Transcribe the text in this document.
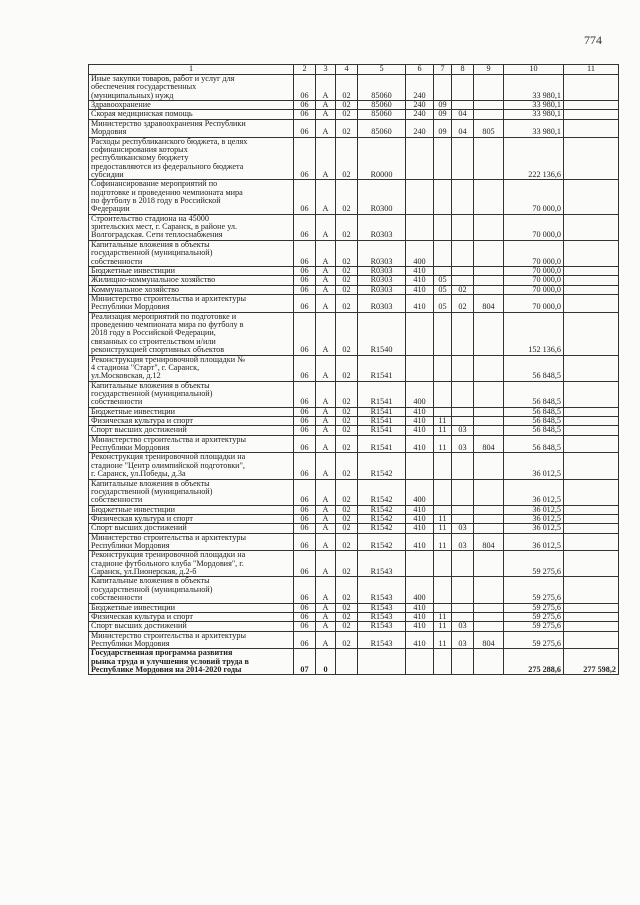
774
1	2	3	4	5	6	7	8	9	10	11

Иные закупки товаров, работ и услуг для
обеспечения государственных
(муниципальных) нужд	06	А	02	85060	240				33 980,1	

Здравоохранение	06	А	02	85060	240	09			33 980,1	

Скорая медицинская помощь	06	А	02	85060	240	09	04		33 980,1	

Министерство здравоохранения Республики
Мордовия	06	А	02	85060	240	09	04	805	33 980,1	

Расходы республиканского бюджета, в целях
софинансирования которых
республиканскому бюджету
предоставляются из федерального бюджета
субсидии	06	А	02	R0000					222 136,6	

Софинансирование мероприятий по
подготовке и проведению чемпионата мира
по футболу в 2018 году в Российской
Федерации	06	А	02	R0300					70 000,0	

Строительство стадиона на 45000
зрительских мест, г. Саранск, в районе ул.
Волгоградская. Сети теплоснабжения	06	А	02	R0303					70 000,0	

Капитальные вложения в объекты
государственной (муниципальной)
собственности	06	А	02	R0303	400				70 000,0	

Бюджетные инвестиции	06	А	02	R0303	410				70 000,0	

Жилищно-коммунальное хозяйство	06	А	02	R0303	410	05			70 000,0	

Коммунальное хозяйство	06	А	02	R0303	410	05	02		70 000,0	

Министерство строительства и архитектуры
Республики Мордовия	06	А	02	R0303	410	05	02	804	70 000,0	

Реализация мероприятий по подготовке и
проведению чемпионата мира по футболу в
2018 году в Российской Федерации,
связанных со строительством и/или
реконструкцией спортивных объектов	06	А	02	R1540					152 136,6	

Реконструкция тренировочной площадки №
4 стадиона "Старт", г. Саранск,
ул.Московская, д.12	06	А	02	R1541					56 848,5	

Капитальные вложения в объекты
государственной (муниципальной)
собственности	06	А	02	R1541	400				56 848,5	

Бюджетные инвестиции	06	А	02	R1541	410				56 848,5	

Физическая культура и спорт	06	А	02	R1541	410	11			56 848,5	

Спорт высших достижений	06	А	02	R1541	410	11	03		56 848,5	

Министерство строительства и архитектуры
Республики Мордовия	06	А	02	R1541	410	11	03	804	56 848,5	

Реконструкция тренировочной площадки на
стадионе "Центр олимпийской подготовки",
г. Саранск, ул.Победы, д.3а	06	А	02	R1542					36 012,5	

Капитальные вложения в объекты
государственной (муниципальной)
собственности	06	А	02	R1542	400				36 012,5	

Бюджетные инвестиции	06	А	02	R1542	410				36 012,5	

Физическая культура и спорт	06	А	02	R1542	410	11			36 012,5	

Спорт высших достижений	06	А	02	R1542	410	11	03		36 012,5	

Министерство строительства и архитектуры
Республики Мордовия	06	А	02	R1542	410	11	03	804	36 012,5	

Реконструкция тренировочной площадки на
стадионе футбольного клуба "Мордовия", г.
Саранск, ул.Пионерская, д.2-б	06	А	02	R1543					59 275,6	

Капитальные вложения в объекты
государственной (муниципальной)
собственности	06	А	02	R1543	400				59 275,6	

Бюджетные инвестиции	06	А	02	R1543	410				59 275,6	

Физическая культура и спорт	06	А	02	R1543	410	11			59 275,6	

Спорт высших достижений	06	А	02	R1543	410	11	03		59 275,6	

Министерство строительства и архитектуры
Республики Мордовия	06	А	02	R1543	410	11	03	804	59 275,6	

Государственная программа развития
рынка труда и улучшения условий труда в
Республике Мордовия на 2014-2020 годы	07	0							275 288,6	277 598,2
